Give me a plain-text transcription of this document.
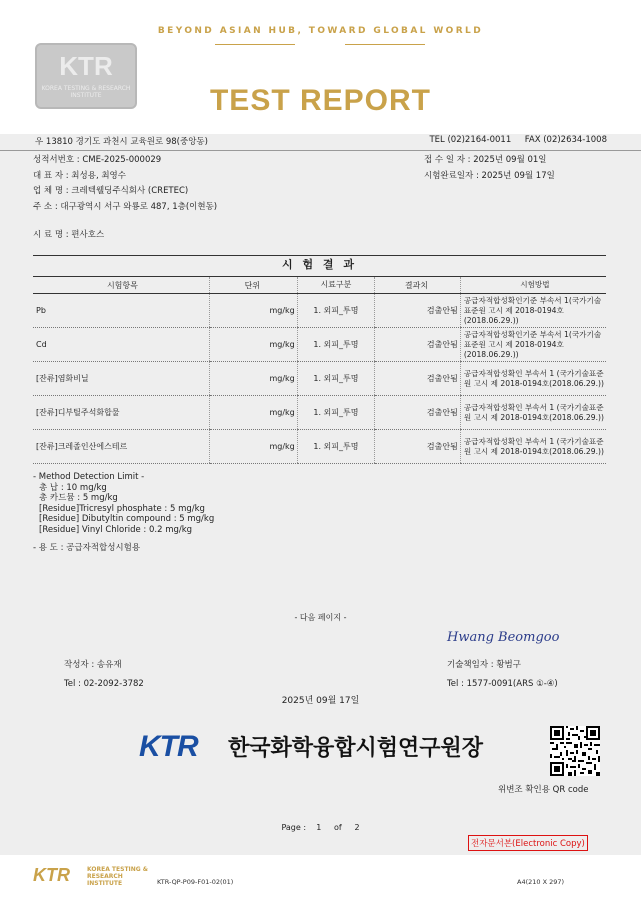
BEYOND ASIAN HUB, TOWARD GLOBAL WORLD
KTR
KOREA TESTING & RESEARCH INSTITUTE	TEST REPORT
우 13810 경기도 과천시 교육원로 98(중앙동)	TEL (02)2164-0011 FAX (02)2634-1008
성적서번호 : CME-2025-000029
대 표 자 : 최성용, 최영수
업 체 명 : 크레텍웰딩주식회사 (CRETEC)
주 소 : 대구광역시 서구 와룡로 487, 1층(이현동)
접 수 일 자 : 2025년 09월 01일
시험완료일자 : 2025년 09월 17일
시 료 명 : 편사호스
시 험 결 과
시험항목	단위	시료구분	결과치	시험방법
Pb	mg/kg	1. 외피_투명	검출안됨	공급자적합성확인기준 부속서 1(국가기술표준원 고시 제 2018-0194호(2018.06.29.))
Cd	mg/kg	1. 외피_투명	검출안됨	공급자적합성확인기준 부속서 1(국가기술표준원 고시 제 2018-0194호(2018.06.29.))
[잔류]염화비닐	mg/kg	1. 외피_투명	검출안됨	공급자적합성확인 부속서 1 (국가기술표준원 고시 제 2018-0194호(2018.06.29.))
[잔류]디부틸주석화합물	mg/kg	1. 외피_투명	검출안됨	공급자적합성확인 부속서 1 (국가기술표준원 고시 제 2018-0194호(2018.06.29.))
[잔류]크레졸인산에스테르	mg/kg	1. 외피_투명	검출안됨	공급자적합성확인 부속서 1 (국가기술표준원 고시 제 2018-0194호(2018.06.29.))
- Method Detection Limit -
총 납 : 10 mg/kg
총 카드뮴 : 5 mg/kg
[Residue]Tricresyl phosphate : 5 mg/kg
[Residue] Dibutyltin compound : 5 mg/kg
[Residue] Vinyl Chloride : 0.2 mg/kg
- 용 도 : 공급자적합성시험용
- 다음 페이지 -
Hwang Beomgoo
작성자 : 송유재
Tel : 02-2092-3782
기술책임자 : 황범구
Tel : 1577-0091(ARS ①-④)
2025년 09월 17일
KTR 한국화학융합시험연구원장
위변조 확인용 QR code
Page : 1 of 2
전자문서본(Electronic Copy)
KTR	KOREA TESTING & RESEARCH INSTITUTE	KTR-QP-P09-F01-02(01)	A4(210 X 297)
